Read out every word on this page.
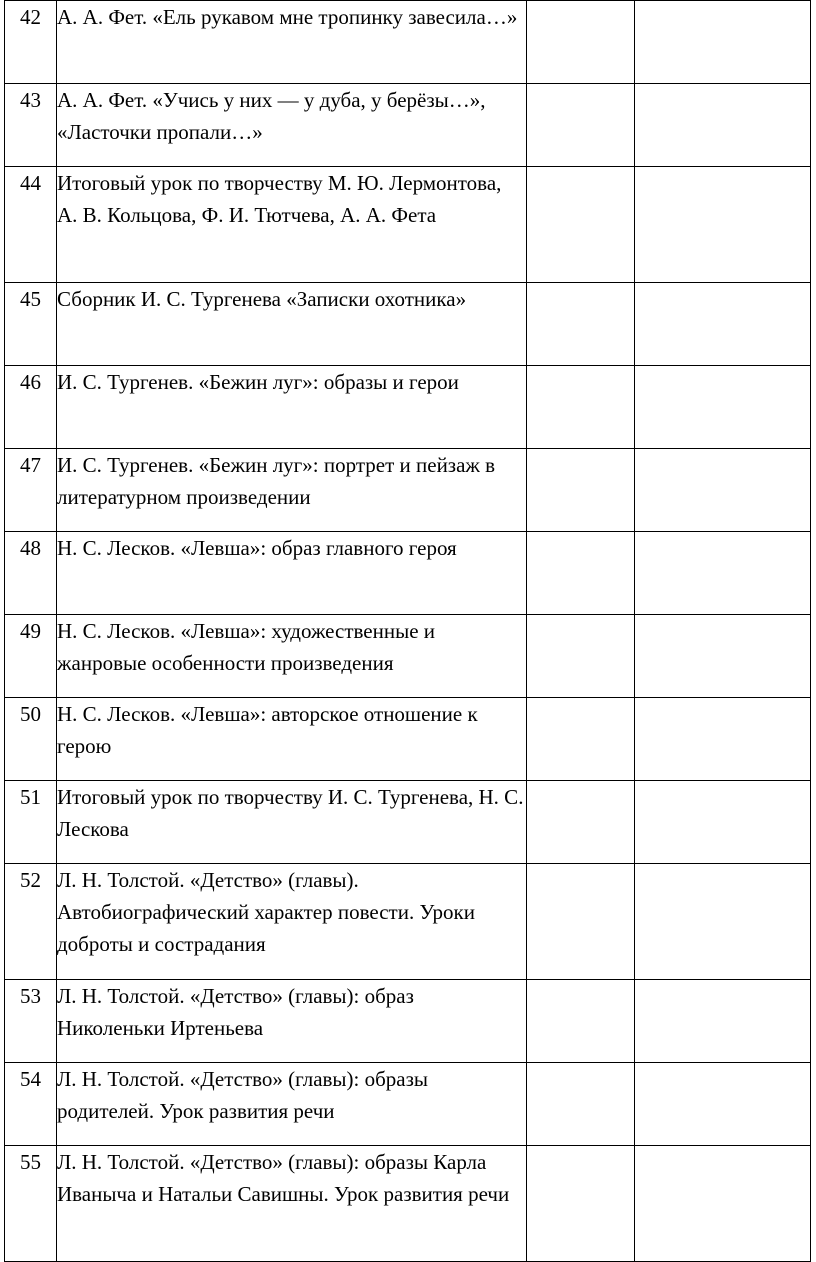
42	А. А. Фет. «Ель рукавом мне тропинку завесила…»		
43	А. А. Фет. «Учись у них — у дуба, у берёзы…», «Ласточки пропали…»		
44	Итоговый урок по творчеству М. Ю. Лермонтова, А. В. Кольцова, Ф. И. Тютчева, А. А. Фета		
45	Сборник И. С. Тургенева «Записки охотника»		
46	И. С. Тургенев. «Бежин луг»: образы и герои		
47	И. С. Тургенев. «Бежин луг»: портрет и пейзаж в литературном произведении		
48	Н. С. Лесков. «Левша»: образ главного героя		
49	Н. С. Лесков. «Левша»: художественные и жанровые особенности произведения		
50	Н. С. Лесков. «Левша»: авторское отношение к герою		
51	Итоговый урок по творчеству И. С. Тургенева, Н. С. Лескова		
52	Л. Н. Толстой. «Детство» (главы). Автобиографический характер повести. Уроки доброты и сострадания		
53	Л. Н. Толстой. «Детство» (главы): образ Николеньки Иртеньева		
54	Л. Н. Толстой. «Детство» (главы): образы родителей. Урок развития речи		
55	Л. Н. Толстой. «Детство» (главы): образы Карла Иваныча и Натальи Савишны. Урок развития речи		
